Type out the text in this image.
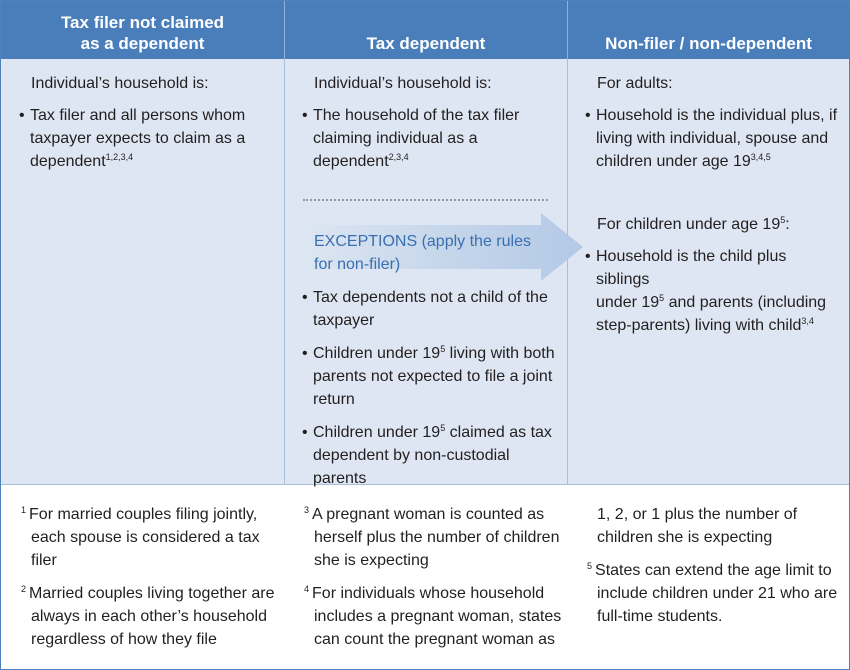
Tax filer not claimed
as a dependent	Tax dependent	Non-filer / non-dependent

Individual’s household is:

• Tax filer and all persons whom

taxpayer expects to claim as a

dependent$^{1,2,3,4}$

Individual’s household is:

• The household of the tax filer

claiming individual as a

dependent$^{2,3,4}$

EXCEPTIONS (apply the rules

for non-filer)

• Tax dependents not a child of the

taxpayer

• Children under $19^5$ living with both

parents not expected to file a joint

return

• Children under $19^5$ claimed as tax

dependent by non-custodial parents

For adults:

• Household is the individual plus, if

living with individual, spouse and

children under age 19$^{3,4,5}$

For children under age $19^5$:

• Household is the child plus siblings

under $19^5$ and parents (including

step-parents) living with child$^{3,4}$

$^1$ For married couples filing jointly,

each spouse is considered a tax filer

$^2$ Married couples living together are

always in each other’s household

regardless of how they file

$^3$ A pregnant woman is counted as

herself plus the number of children

she is expecting

$^4$ For individuals whose household

includes a pregnant woman, states

can count the pregnant woman as

1, 2, or 1 plus the number of

children she is expecting

$^5$ States can extend the age limit to

include children under 21 who are

full-time students.
